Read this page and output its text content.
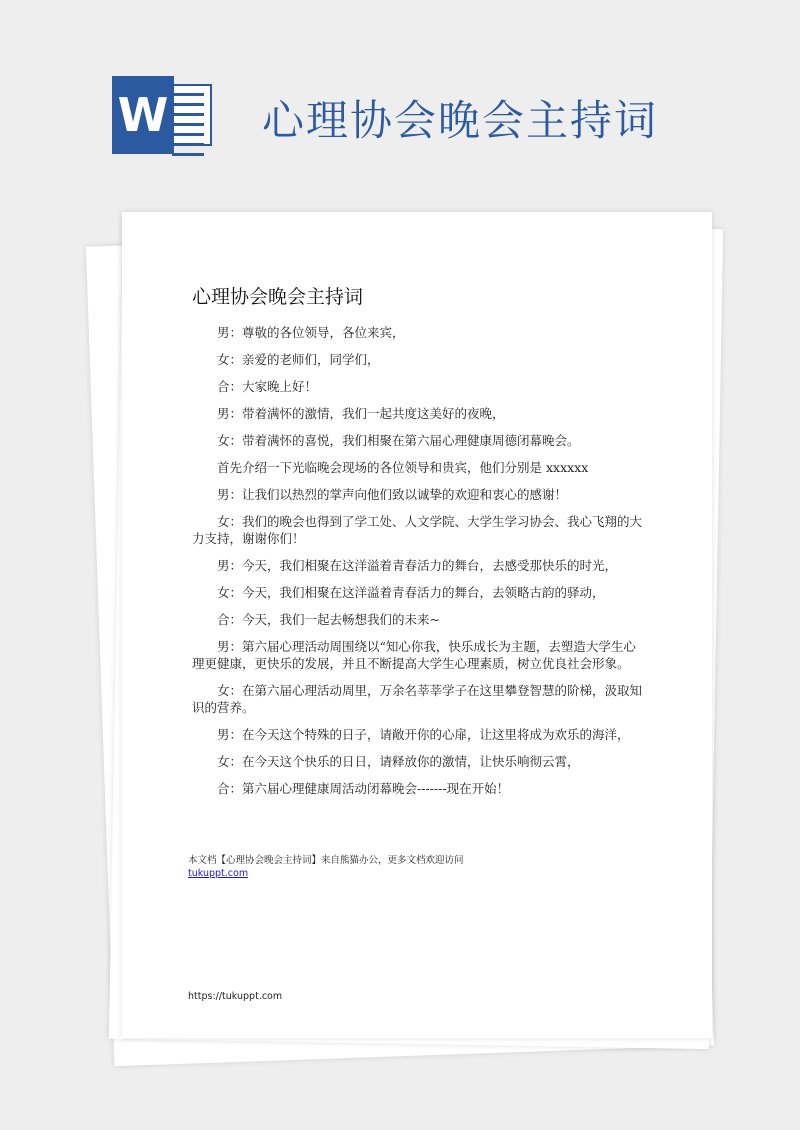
W 心理协会晚会主持词
心理协会晚会主持词

男：尊敬的各位领导，各位来宾，

女：亲爱的老师们，同学们，

合：大家晚上好！

男：带着满怀的激情，我们一起共度这美好的夜晚，

女：带着满怀的喜悦，我们相聚在第六届心理健康周德闭幕晚会。

首先介绍一下光临晚会现场的各位领导和贵宾，他们分别是 xxxxxx

男：让我们以热烈的掌声向他们致以诚挚的欢迎和衷心的感谢！

女：我们的晚会也得到了学工处、人文学院、大学生学习协会、我心飞翔的大力支持，谢谢你们！

男：今天，我们相聚在这洋溢着青春活力的舞台，去感受那快乐的时光，

女：今天，我们相聚在这洋溢着青春活力的舞台，去领略古韵的驿动，

合：今天，我们一起去畅想我们的未来~

男：第六届心理活动周围绕以“知心你我，快乐成长为主题，去塑造大学生心理更健康，更快乐的发展，并且不断提高大学生心理素质，树立优良社会形象。

女：在第六届心理活动周里，万余名莘莘学子在这里攀登智慧的阶梯，汲取知识的营养。

男：在今天这个特殊的日子，请敞开你的心扉，让这里将成为欢乐的海洋，

女：在今天这个快乐的日日，请释放你的激情，让快乐响彻云霄，

合：第六届心理健康周活动闭幕晚会-------现在开始！

本文档【心理协会晚会主持词】来自熊猫办公，更多文档欢迎访问
tukuppt.com
https://tukuppt.com
